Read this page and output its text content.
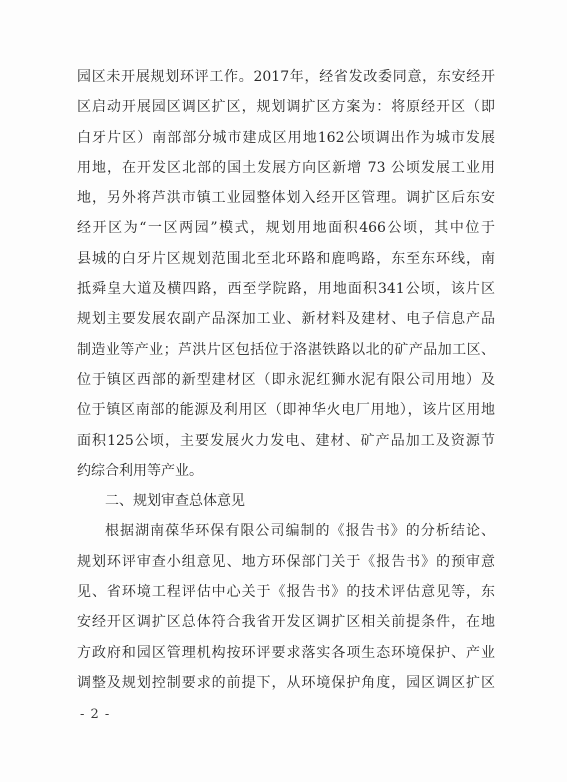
园区未开展规划环评工作。2017年，经省发改委同意，东安经开
区启动开展园区调区扩区，规划调扩区方案为：将原经开区（即
白牙片区）南部部分城市建成区用地162公顷调出作为城市发展
用地，在开发区北部的国土发展方向区新增 73 公顷发展工业用
地，另外将芦洪市镇工业园整体划入经开区管理。调扩区后东安
经开区为“一区两园”模式，规划用地面积466公顷，其中位于
县城的白牙片区规划范围北至北环路和鹿鸣路，东至东环线，南
抵舜皇大道及横四路，西至学院路，用地面积341公顷，该片区
规划主要发展农副产品深加工业、新材料及建材、电子信息产品
制造业等产业；芦洪片区包括位于洛湛铁路以北的矿产品加工区、
位于镇区西部的新型建材区（即永泥红狮水泥有限公司用地）及
位于镇区南部的能源及利用区（即神华火电厂用地），该片区用地
面积125公顷，主要发展火力发电、建材、矿产品加工及资源节
约综合利用等产业。
二、规划审查总体意见
根据湖南葆华环保有限公司编制的《报告书》的分析结论、
规划环评审查小组意见、地方环保部门关于《报告书》的预审意
见、省环境工程评估中心关于《报告书》的技术评估意见等，东
安经开区调扩区总体符合我省开发区调扩区相关前提条件，在地
方政府和园区管理机构按环评要求落实各项生态环境保护、产业
调整及规划控制要求的前提下，从环境保护角度，园区调区扩区
- 2 -
